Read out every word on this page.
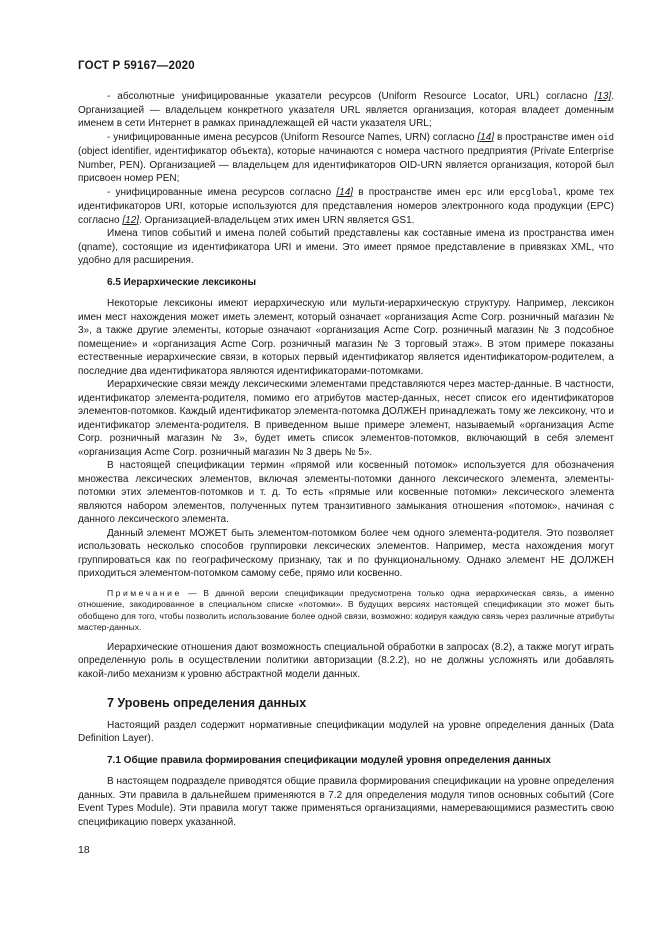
ГОСТ Р 59167—2020

- абсолютные унифицированные указатели ресурсов (Uniform Resource Locator, URL) согласно [13]. Организацией — владельцем конкретного указателя URL является организация, которая владеет доменным именем в сети Интернет в рамках принадлежащей ей части указателя URL;

- унифицированные имена ресурсов (Uniform Resource Names, URN) согласно [14] в пространстве имен oid (object identifier, идентификатор объекта), которые начинаются с номера частного предприятия (Private Enterprise Number, PEN). Организацией — владельцем для идентификаторов OID-URN является организация, которой был присвоен номер PEN;

- унифицированные имена ресурсов согласно [14] в пространстве имен epc или epcglobal, кроме тех идентификаторов URI, которые используются для представления номеров электронного кода продукции (EPC) согласно [12]. Организацией-владельцем этих имен URN является GS1.

Имена типов событий и имена полей событий представлены как составные имена из пространства имен (qname), состоящие из идентификатора URI и имени. Это имеет прямое представление в привязках XML, что удобно для расширения.

6.5 Иерархические лексиконы

Некоторые лексиконы имеют иерархическую или мульти-иерархическую структуру. Например, лексикон имен мест нахождения может иметь элемент, который означает «организация Acme Corp. розничный магазин № 3», а также другие элементы, которые означают «организация Acme Corp. розничный магазин № 3 подсобное помещение» и «организация Acme Corp. розничный магазин № 3 торговый этаж». В этом примере показаны естественные иерархические связи, в которых первый идентификатор является идентификатором-родителем, а последние два идентификатора являются идентификаторами-потомками.

Иерархические связи между лексическими элементами представляются через мастер-данные. В частности, идентификатор элемента-родителя, помимо его атрибутов мастер-данных, несет список его идентификаторов элементов-потомков. Каждый идентификатор элемента-потомка ДОЛЖЕН принадлежать тому же лексикону, что и идентификатор элемента-родителя. В приведенном выше примере элемент, называемый «организация Acme Corp. розничный магазин № 3», будет иметь список элементов-потомков, включающий в себя элемент «организация Acme Corp. розничный магазин № 3 дверь № 5».

В настоящей спецификации термин «прямой или косвенный потомок» используется для обозначения множества лексических элементов, включая элементы-потомки данного лексического элемента, элементы-потомки этих элементов-потомков и т. д. То есть «прямые или косвенные потомки» лексического элемента являются набором элементов, полученных путем транзитивного замыкания отношения «потомок», начиная с данного лексического элемента.

Данный элемент МОЖЕТ быть элементом-потомком более чем одного элемента-родителя. Это позволяет использовать несколько способов группировки лексических элементов. Например, места нахождения могут группироваться как по географическому признаку, так и по функциональному. Однако элемент НЕ ДОЛЖЕН приходиться элементом-потомком самому себе, прямо или косвенно.

Примечание — В данной версии спецификации предусмотрена только одна иерархическая связь, а именно отношение, закодированное в специальном списке «потомки». В будущих версиях настоящей спецификации это может быть обобщено для того, чтобы позволить использование более одной связи, возможно: кодируя каждую связь через различные атрибуты мастер-данных.

Иерархические отношения дают возможность специальной обработки в запросах (8.2), а также могут играть определенную роль в осуществлении политики авторизации (8.2.2), но не должны усложнять или добавлять какой-либо механизм к уровню абстрактной модели данных.

7 Уровень определения данных

Настоящий раздел содержит нормативные спецификации модулей на уровне определения данных (Data Definition Layer).

7.1 Общие правила формирования спецификации модулей уровня определения данных

В настоящем подразделе приводятся общие правила формирования спецификации на уровне определения данных. Эти правила в дальнейшем применяются в 7.2 для определения модуля типов основных событий (Core Event Types Module). Эти правила могут также применяться организациями, намеревающимися разместить свою спецификацию поверх указанной.

18
